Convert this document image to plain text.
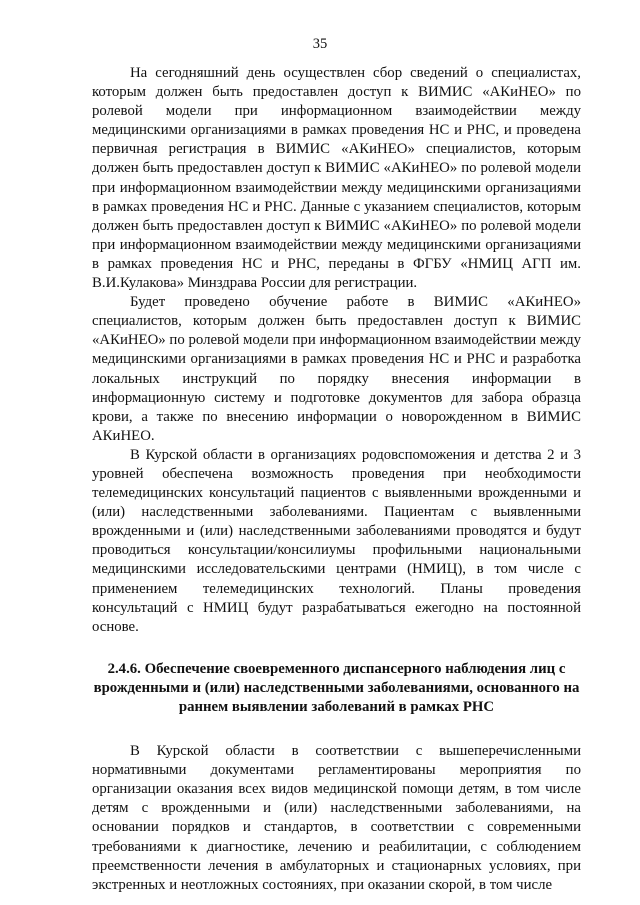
35

На сегодняшний день осуществлен сбор сведений о специалистах, которым должен быть предоставлен доступ к ВИМИС «АКиНЕО» по ролевой модели при информационном взаимодействии между медицинскими организациями в рамках проведения НС и РНС, и проведена первичная регистрация в ВИМИС «АКиНЕО» специалистов, которым должен быть предоставлен доступ к ВИМИС «АКиНЕО» по ролевой модели при информационном взаимодействии между медицинскими организациями в рамках проведения НС и РНС. Данные с указанием специалистов, которым должен быть предоставлен доступ к ВИМИС «АКиНЕО» по ролевой модели при информационном взаимодействии между медицинскими организациями в рамках проведения НС и РНС, переданы в ФГБУ «НМИЦ АГП им. В.И.Кулакова» Минздрава России для регистрации.

Будет проведено обучение работе в ВИМИС «АКиНЕО» специалистов, которым должен быть предоставлен доступ к ВИМИС «АКиНЕО» по ролевой модели при информационном взаимодействии между медицинскими организациями в рамках проведения НС и РНС и разработка локальных инструкций по порядку внесения информации в информационную систему и подготовке документов для забора образца крови, а также по внесению информации о новорожденном в ВИМИС АКиНЕО.

В Курской области в организациях родовспоможения и детства 2 и 3 уровней обеспечена возможность проведения при необходимости телемедицинских консультаций пациентов с выявленными врожденными и (или) наследственными заболеваниями. Пациентам с выявленными врожденными и (или) наследственными заболеваниями проводятся и будут проводиться консультации/консилиумы профильными национальными медицинскими исследовательскими центрами (НМИЦ), в том числе с применением телемедицинских технологий. Планы проведения консультаций с НМИЦ будут разрабатываться ежегодно на постоянной основе.

2.4.6. Обеспечение своевременного диспансерного наблюдения лиц с врожденными и (или) наследственными заболеваниями, основанного на раннем выявлении заболеваний в рамках РНС

В Курской области в соответствии с вышеперечисленными нормативными документами регламентированы мероприятия по организации оказания всех видов медицинской помощи детям, в том числе детям с врожденными и (или) наследственными заболеваниями, на основании порядков и стандартов, в соответствии с современными требованиями к диагностике, лечению и реабилитации, с соблюдением преемственности лечения в амбулаторных и стационарных условиях, при экстренных и неотложных состояниях, при оказании скорой, в том числе
